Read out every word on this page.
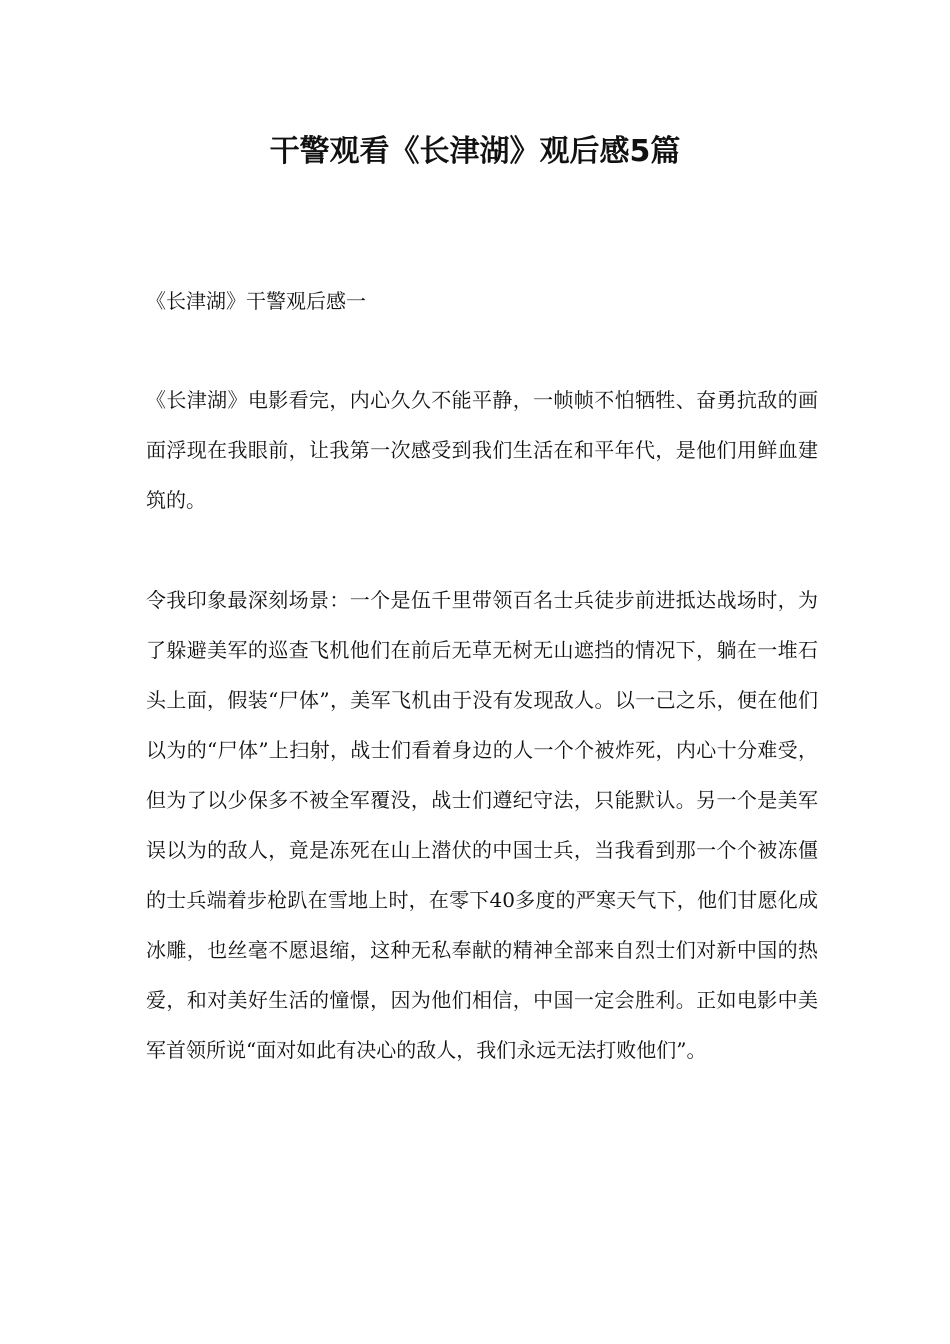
干警观看《长津湖》观后感5篇

《长津湖》干警观后感一

《长津湖》电影看完，内心久久不能平静，一帧帧不怕牺牲、奋勇抗敌的画面浮现在我眼前，让我第一次感受到我们生活在和平年代，是他们用鲜血建筑的。

令我印象最深刻场景：一个是伍千里带领百名士兵徒步前进抵达战场时，为了躲避美军的巡查飞机他们在前后无草无树无山遮挡的情况下，躺在一堆石头上面，假装“尸体”，美军飞机由于没有发现敌人。以一己之乐，便在他们以为的“尸体”上扫射，战士们看着身边的人一个个被炸死，内心十分难受，但为了以少保多不被全军覆没，战士们遵纪守法，只能默认。另一个是美军误以为的敌人，竟是冻死在山上潜伏的中国士兵，当我看到那一个个被冻僵的士兵端着步枪趴在雪地上时，在零下40多度的严寒天气下，他们甘愿化成冰雕，也丝毫不愿退缩，这种无私奉献的精神全部来自烈士们对新中国的热爱，和对美好生活的憧憬，因为他们相信，中国一定会胜利。正如电影中美军首领所说“面对如此有决心的敌人，我们永远无法打败他们”。
